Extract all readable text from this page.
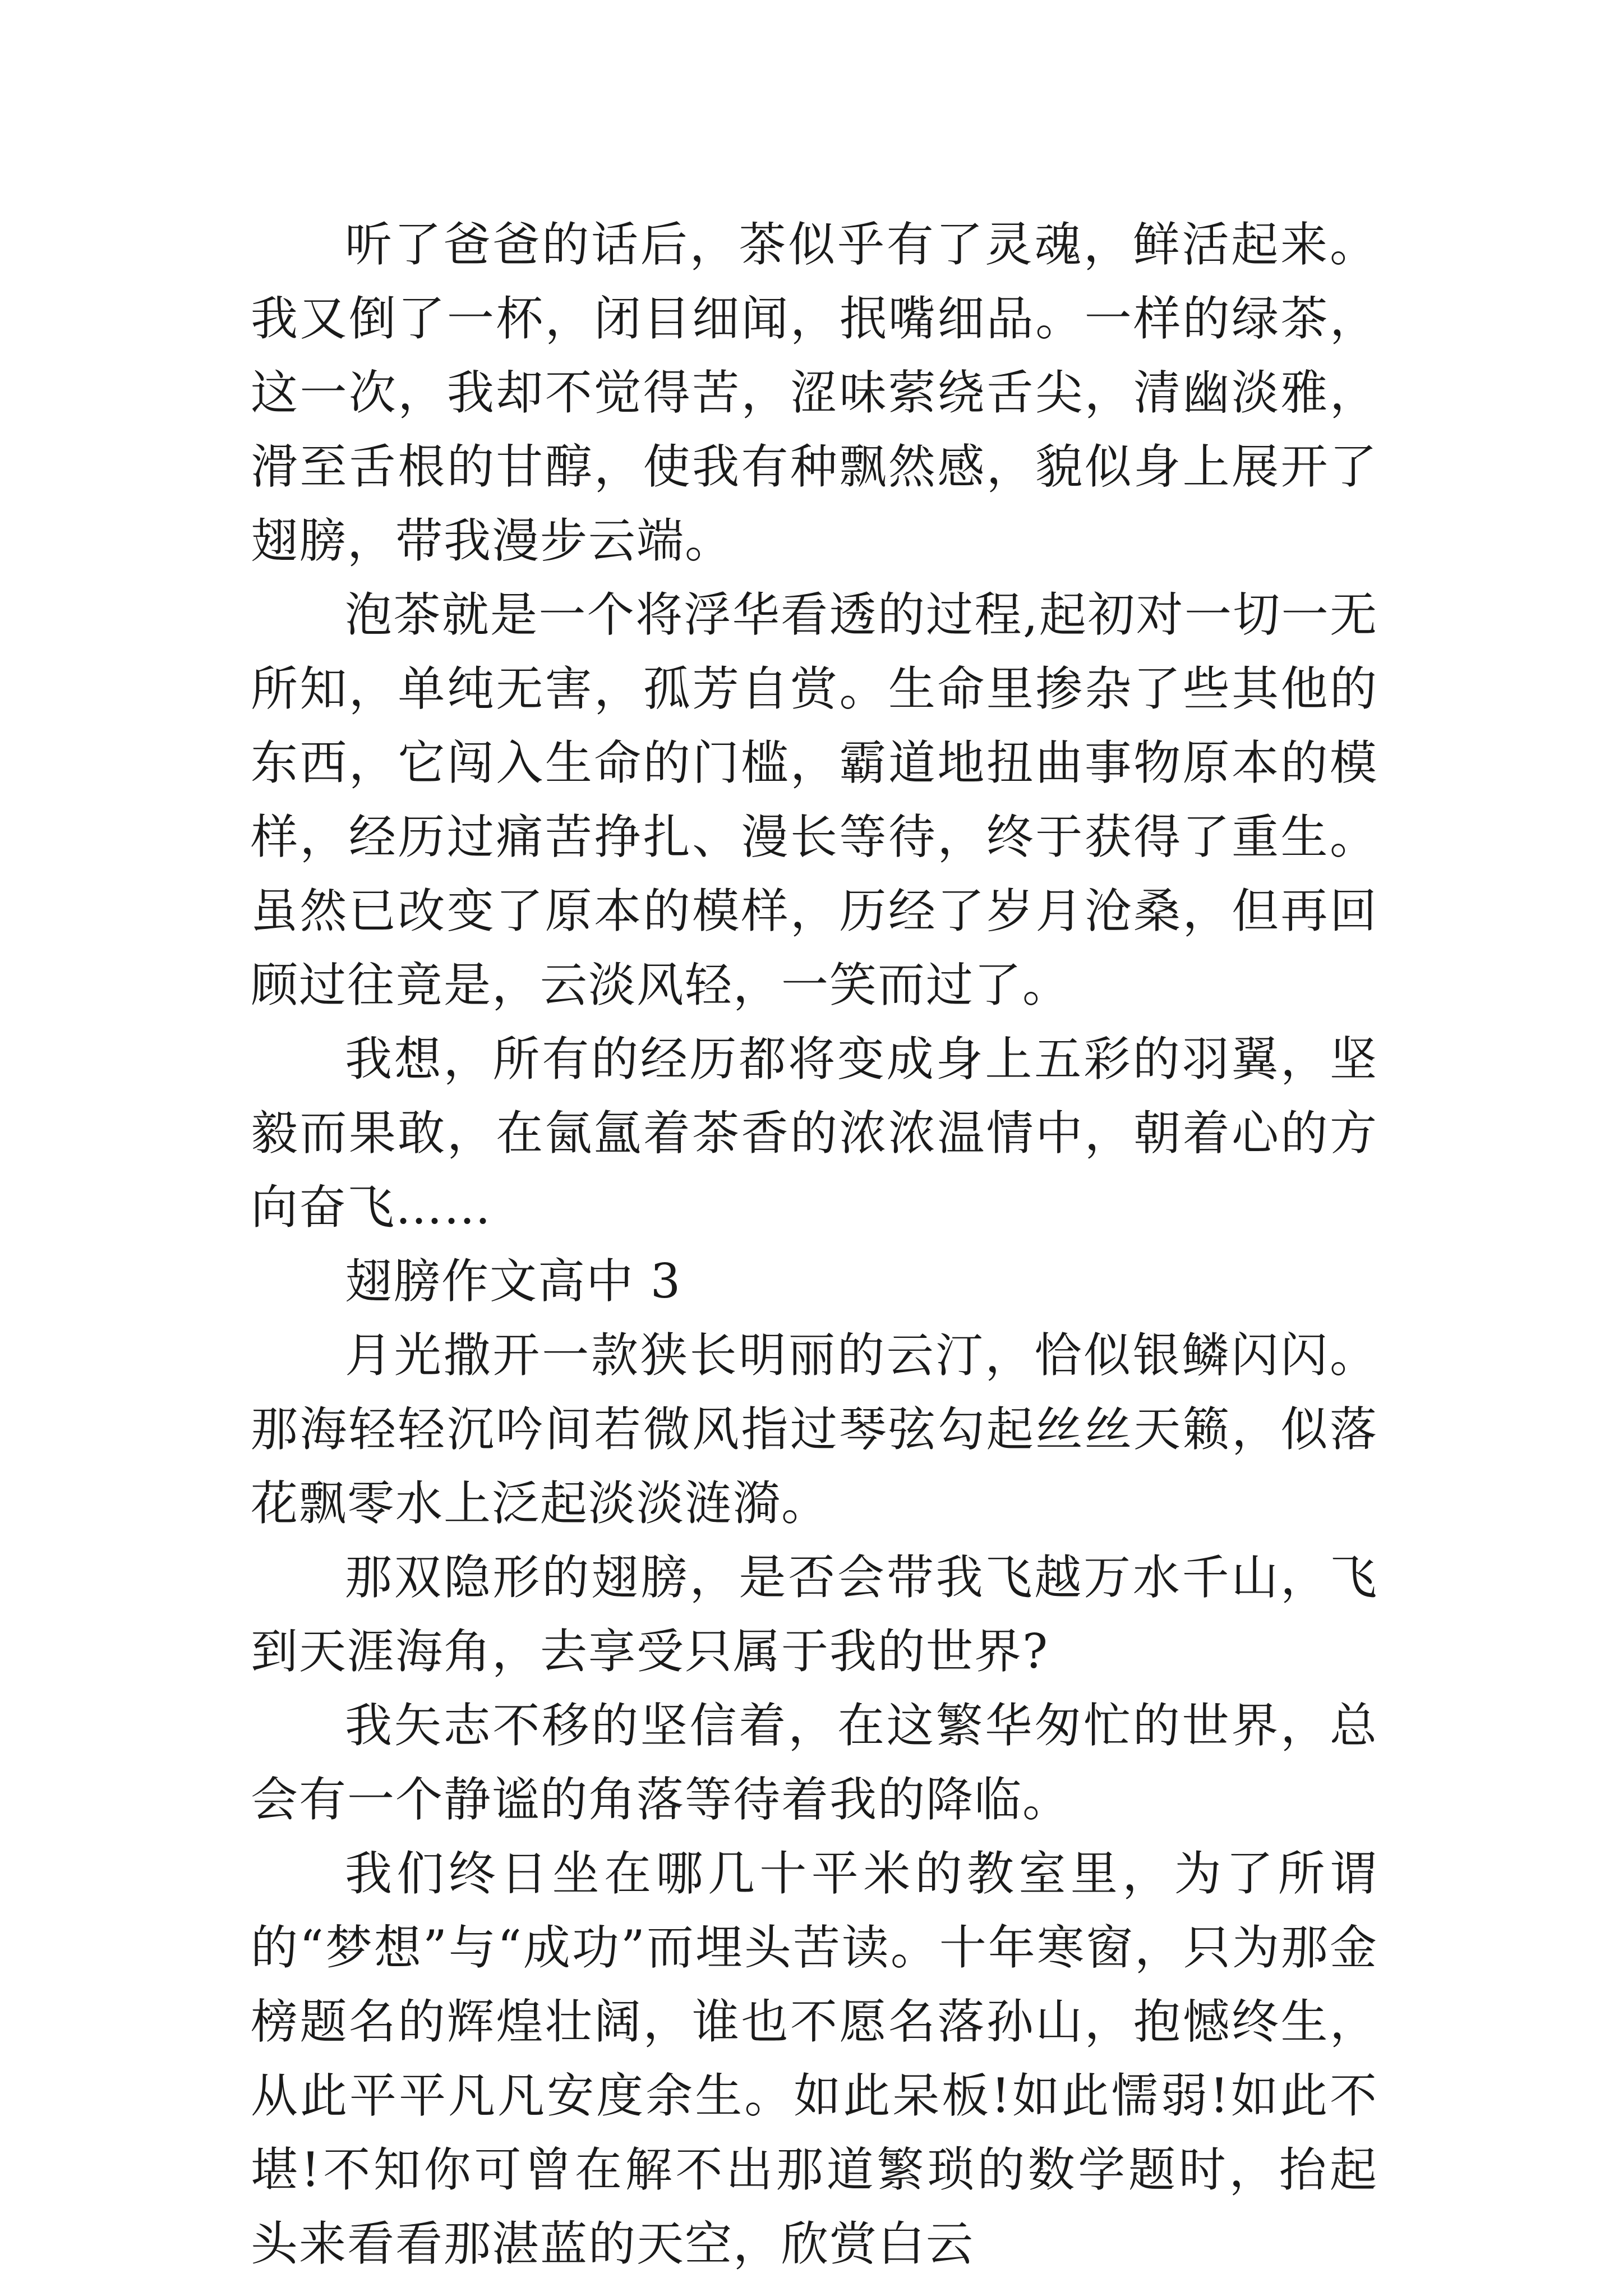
听了爸爸的话后，茶似乎有了灵魂，鲜活起来。我又倒了一杯，闭目细闻，抿嘴细品。一样的绿茶，这一次，我却不觉得苦，涩味萦绕舌尖，清幽淡雅，滑至舌根的甘醇，使我有种飘然感，貌似身上展开了翅膀，带我漫步云端。

泡茶就是一个将浮华看透的过程,起初对一切一无所知，单纯无害，孤芳自赏。生命里掺杂了些其他的东西，它闯入生命的门槛，霸道地扭曲事物原本的模样，经历过痛苦挣扎、漫长等待，终于获得了重生。虽然已改变了原本的模样，历经了岁月沧桑，但再回顾过往竟是，云淡风轻，一笑而过了。

我想，所有的经历都将变成身上五彩的羽翼，坚毅而果敢，在氤氲着茶香的浓浓温情中，朝着心的方向奋飞……

翅膀作文高中 3

月光撒开一款狭长明丽的云汀，恰似银鳞闪闪。那海轻轻沉吟间若微风指过琴弦勾起丝丝天籁，似落花飘零水上泛起淡淡涟漪。

那双隐形的翅膀，是否会带我飞越万水千山，飞到天涯海角，去享受只属于我的世界?

我矢志不移的坚信着，在这繁华匆忙的世界，总会有一个静谧的角落等待着我的降临。

我们终日坐在哪几十平米的教室里，为了所谓的“梦想”与“成功”而埋头苦读。十年寒窗，只为那金榜题名的辉煌壮阔，谁也不愿名落孙山，抱憾终生，从此平平凡凡安度余生。如此呆板!如此懦弱!如此不堪!不知你可曾在解不出那道繁琐的数学题时，抬起头来看看那湛蓝的天空，欣赏白云
